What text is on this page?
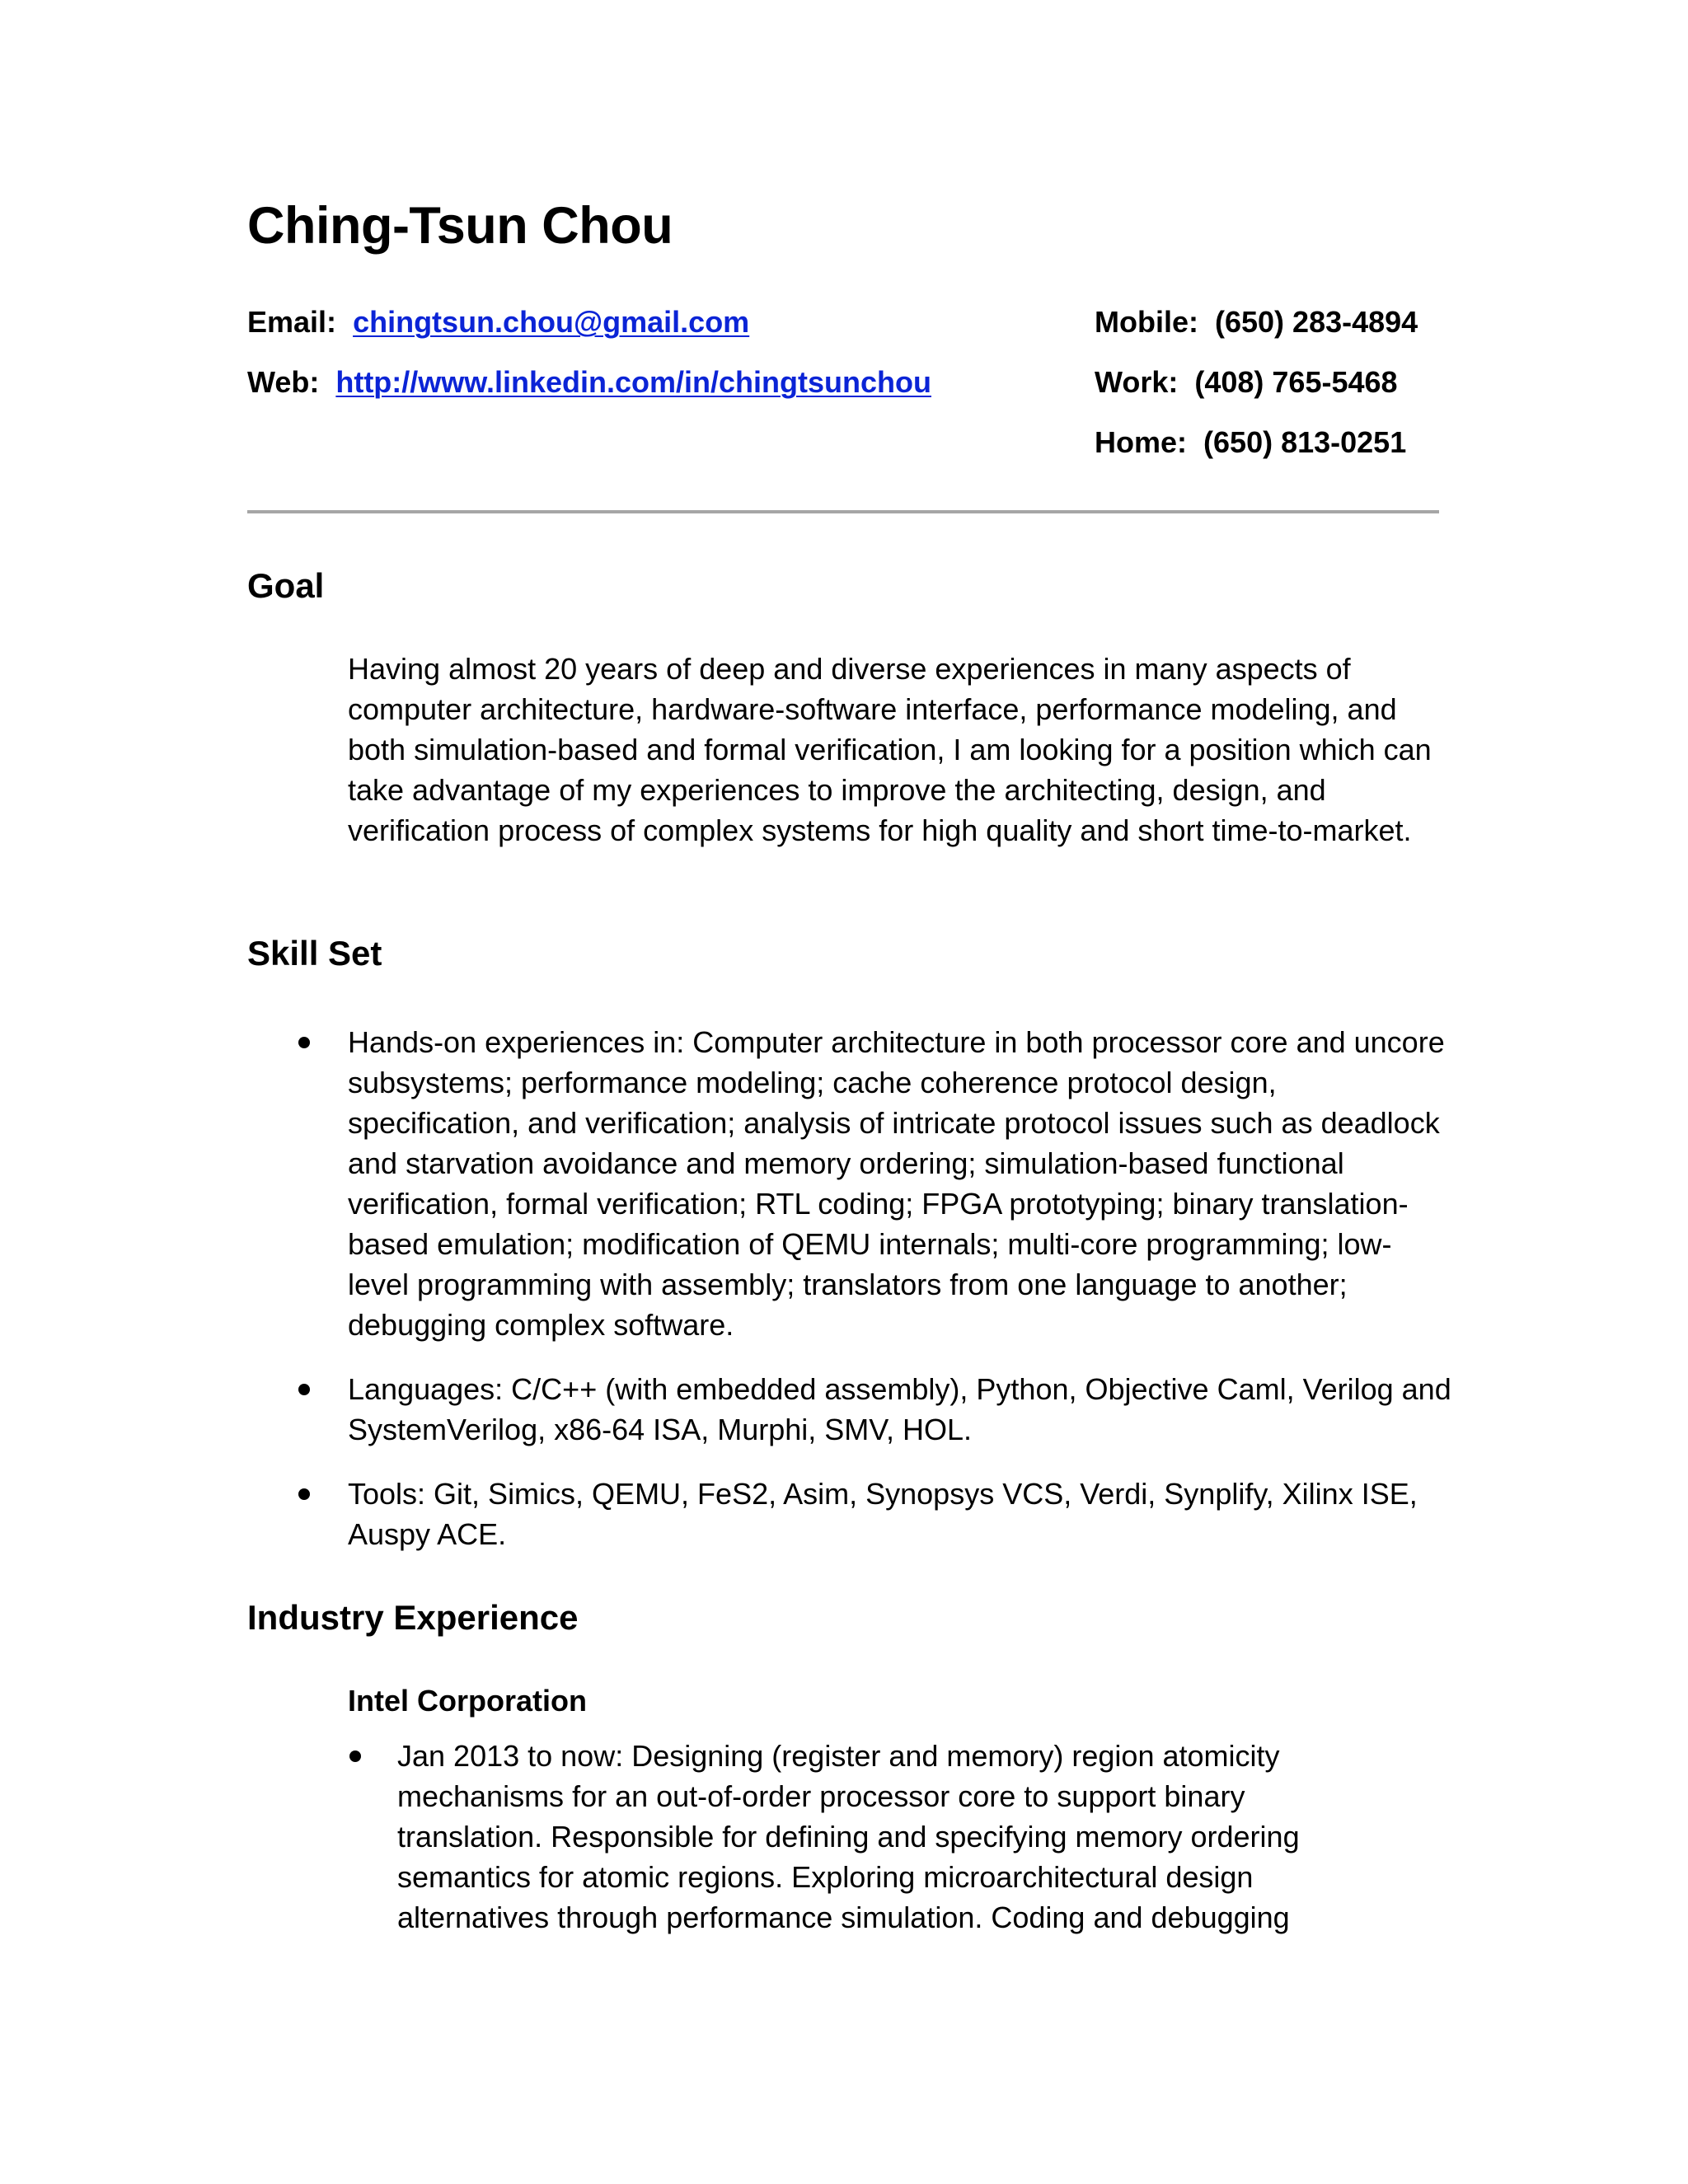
Ching-Tsun Chou
Email: chingtsun.chou@gmail.com
Web: http://www.linkedin.com/in/chingtsunchou
Mobile: (650) 283-4894
Work: (408) 765-5468
Home: (650) 813-0251
Goal

Having almost 20 years of deep and diverse experiences in many aspects of computer architecture, hardware-software interface, performance modeling, and both simulation-based and formal verification, I am looking for a position which can take advantage of my experiences to improve the architecting, design, and verification process of complex systems for high quality and short time-to-market.

Skill Set
Hands-on experiences in: Computer architecture in both processor core and uncore subsystems; performance modeling; cache coherence protocol design, specification, and verification; analysis of intricate protocol issues such as deadlock and starvation avoidance and memory ordering; simulation-based functional verification, formal verification; RTL coding; FPGA prototyping; binary translation-based emulation; modification of QEMU internals; multi-core programming; low-level programming with assembly; translators from one language to another; debugging complex software.
Languages: C/C++ (with embedded assembly), Python, Objective Caml, Verilog and SystemVerilog, x86-64 ISA, Murphi, SMV, HOL.
Tools: Git, Simics, QEMU, FeS2, Asim, Synopsys VCS, Verdi, Synplify, Xilinx ISE, Auspy ACE.
Industry Experience
Intel Corporation
Jan 2013 to now: Designing (register and memory) region atomicity mechanisms for an out-of-order processor core to support binary translation. Responsible for defining and specifying memory ordering semantics for atomic regions. Exploring microarchitectural design alternatives through performance simulation. Coding and debugging
